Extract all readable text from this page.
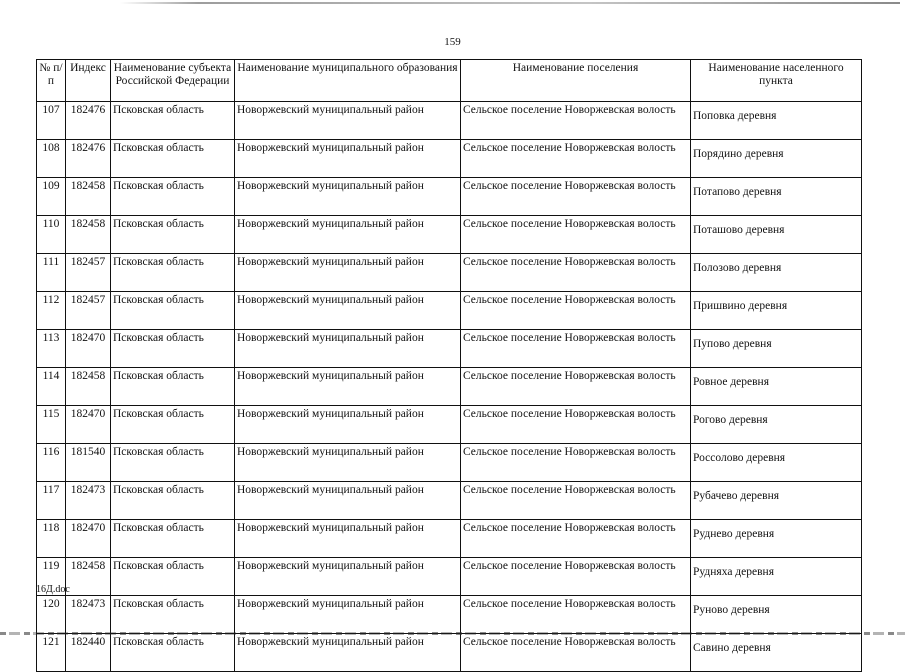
159
№ п/п	Индекс	Наименование субъекта Российской Федерации	Наименование муниципального образования	Наименование поселения	Наименование населенного пункта
107	182476	Псковская область	Новоржевский муниципальный район	Сельское поселение Новоржевская волость	Поповка деревня
108	182476	Псковская область	Новоржевский муниципальный район	Сельское поселение Новоржевская волость	Порядино деревня
109	182458	Псковская область	Новоржевский муниципальный район	Сельское поселение Новоржевская волость	Потапово деревня
110	182458	Псковская область	Новоржевский муниципальный район	Сельское поселение Новоржевская волость	Поташово деревня
111	182457	Псковская область	Новоржевский муниципальный район	Сельское поселение Новоржевская волость	Полозово деревня
112	182457	Псковская область	Новоржевский муниципальный район	Сельское поселение Новоржевская волость	Пришвино деревня
113	182470	Псковская область	Новоржевский муниципальный район	Сельское поселение Новоржевская волость	Пупово деревня
114	182458	Псковская область	Новоржевский муниципальный район	Сельское поселение Новоржевская волость	Ровное деревня
115	182470	Псковская область	Новоржевский муниципальный район	Сельское поселение Новоржевская волость	Рогово деревня
116	181540	Псковская область	Новоржевский муниципальный район	Сельское поселение Новоржевская волость	Россолово деревня
117	182473	Псковская область	Новоржевский муниципальный район	Сельское поселение Новоржевская волость	Рубачево деревня
118	182470	Псковская область	Новоржевский муниципальный район	Сельское поселение Новоржевская волость	Руднево деревня
119	182458	Псковская область	Новоржевский муниципальный район	Сельское поселение Новоржевская волость	Рудняха деревня
120	182473	Псковская область	Новоржевский муниципальный район	Сельское поселение Новоржевская волость	Руново деревня
121	182440	Псковская область	Новоржевский муниципальный район	Сельское поселение Новоржевская волость	Савино деревня
16Д.doc
